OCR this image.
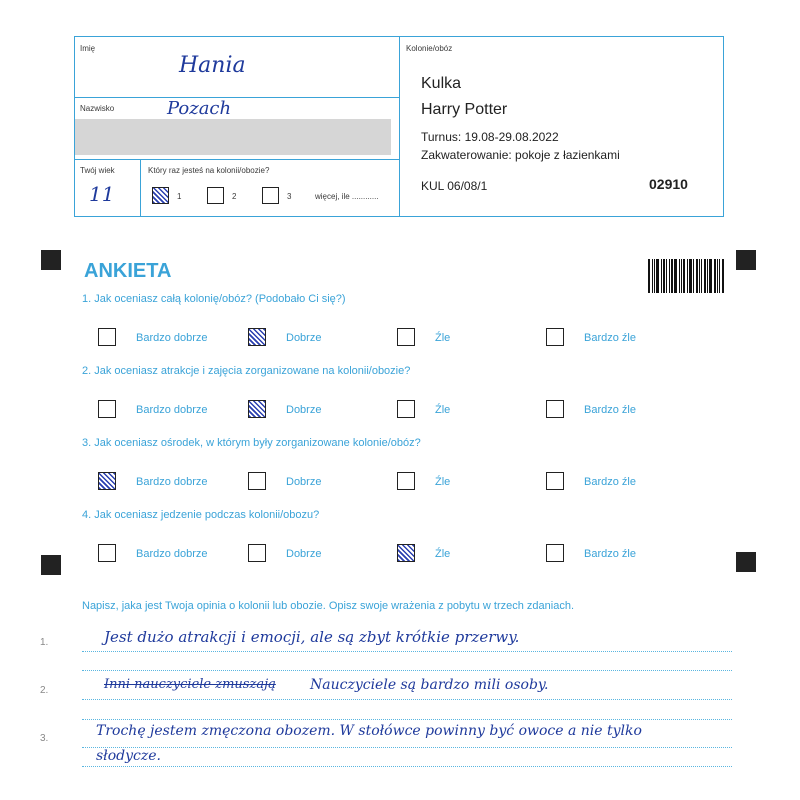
Imię
Hania
Nazwisko	Pozach
Twój wiek
11
Który raz jesteś na kolonii/obozie?
1	2	3	więcej, ile ............
Kolonie/obóz
Kulka
Harry Potter
Turnus: 19.08-29.08.2022
Zakwaterowanie: pokoje z łazienkami
KUL 06/08/1	02910
ANKIETA
1. Jak oceniasz całą kolonię/obóz? (Podobało Ci się?)
Bardzo dobrze	Dobrze	Źle	Bardzo źle
2. Jak oceniasz atrakcje i zajęcia zorganizowane na kolonii/obozie?
Bardzo dobrze	Dobrze	Źle	Bardzo źle
3. Jak oceniasz ośrodek, w którym były zorganizowane kolonie/obóz?
Bardzo dobrze	Dobrze	Źle	Bardzo źle
4. Jak oceniasz jedzenie podczas kolonii/obozu?
Bardzo dobrze	Dobrze	Źle	Bardzo źle
Napisz, jaka jest Twoja opinia o kolonii lub obozie. Opisz swoje wrażenia z pobytu w trzech zdaniach.
1.	Jest dużo atrakcji i emocji, ale są zbyt krótkie przerwy.
2.	Inni nauczyciele zmuszają Nauczyciele są bardzo mili osoby.
3.	Trochę jestem zmęczona obozem. W stołówce powinny być owoce a nie tylko
słodycze.
